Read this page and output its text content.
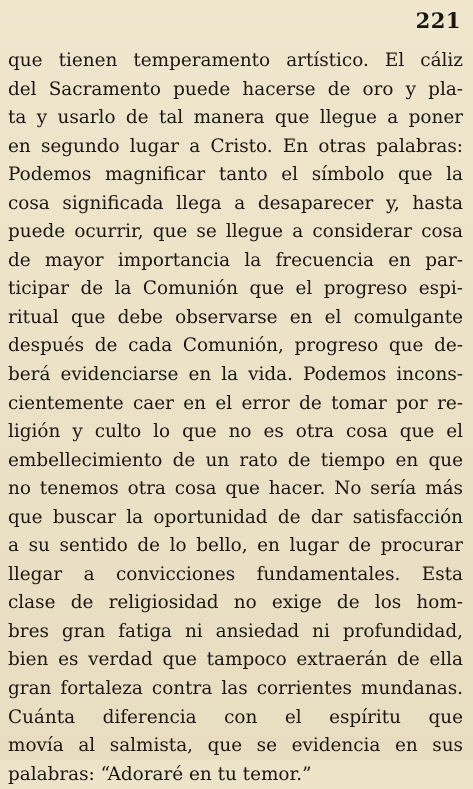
221
que tienen temperamento artístico. El cáliz
del Sacramento puede hacerse de oro y pla-
ta y usarlo de tal manera que llegue a poner
en segundo lugar a Cristo. En otras palabras:
Podemos magnificar tanto el símbolo que la
cosa significada llega a desaparecer y, hasta
puede ocurrir, que se llegue a considerar cosa
de mayor importancia la frecuencia en par-
ticipar de la Comunión que el progreso espi-
ritual que debe observarse en el comulgante
después de cada Comunión, progreso que de-
berá evidenciarse en la vida. Podemos incons-
cientemente caer en el error de tomar por re-
ligión y culto lo que no es otra cosa que el
embellecimiento de un rato de tiempo en que
no tenemos otra cosa que hacer. No sería más
que buscar la oportunidad de dar satisfacción
a su sentido de lo bello, en lugar de procurar
llegar a convicciones fundamentales. Esta
clase de religiosidad no exige de los hom-
bres gran fatiga ni ansiedad ni profundidad,
bien es verdad que tampoco extraerán de ella
gran fortaleza contra las corrientes mundanas.
Cuánta diferencia con el espíritu que
movía al salmista, que se evidencia en sus
palabras: “Adoraré en tu temor.”
